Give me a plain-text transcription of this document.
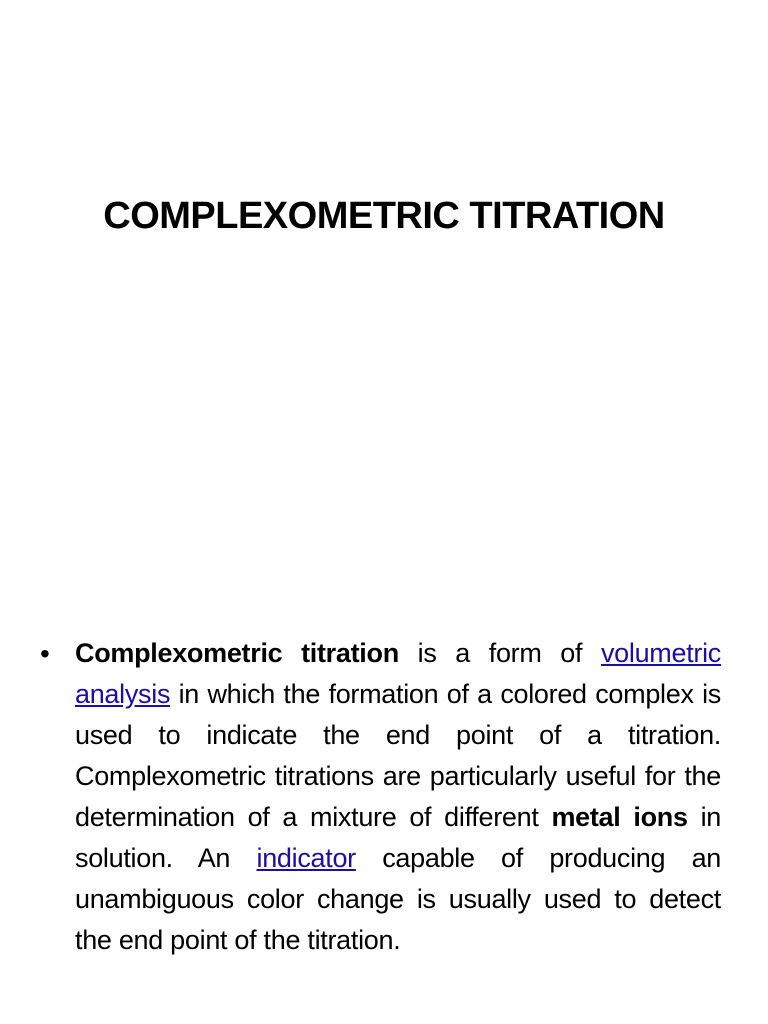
COMPLEXOMETRIC TITRATION
• Complexometric titration is a form of volumetric analysis in which the formation of a colored complex is used to indicate the end point of a titration. Complexometric titrations are particularly useful for the determination of a mixture of different metal ions in solution. An indicator capable of producing an unambiguous color change is usually used to detect the end point of the titration.
